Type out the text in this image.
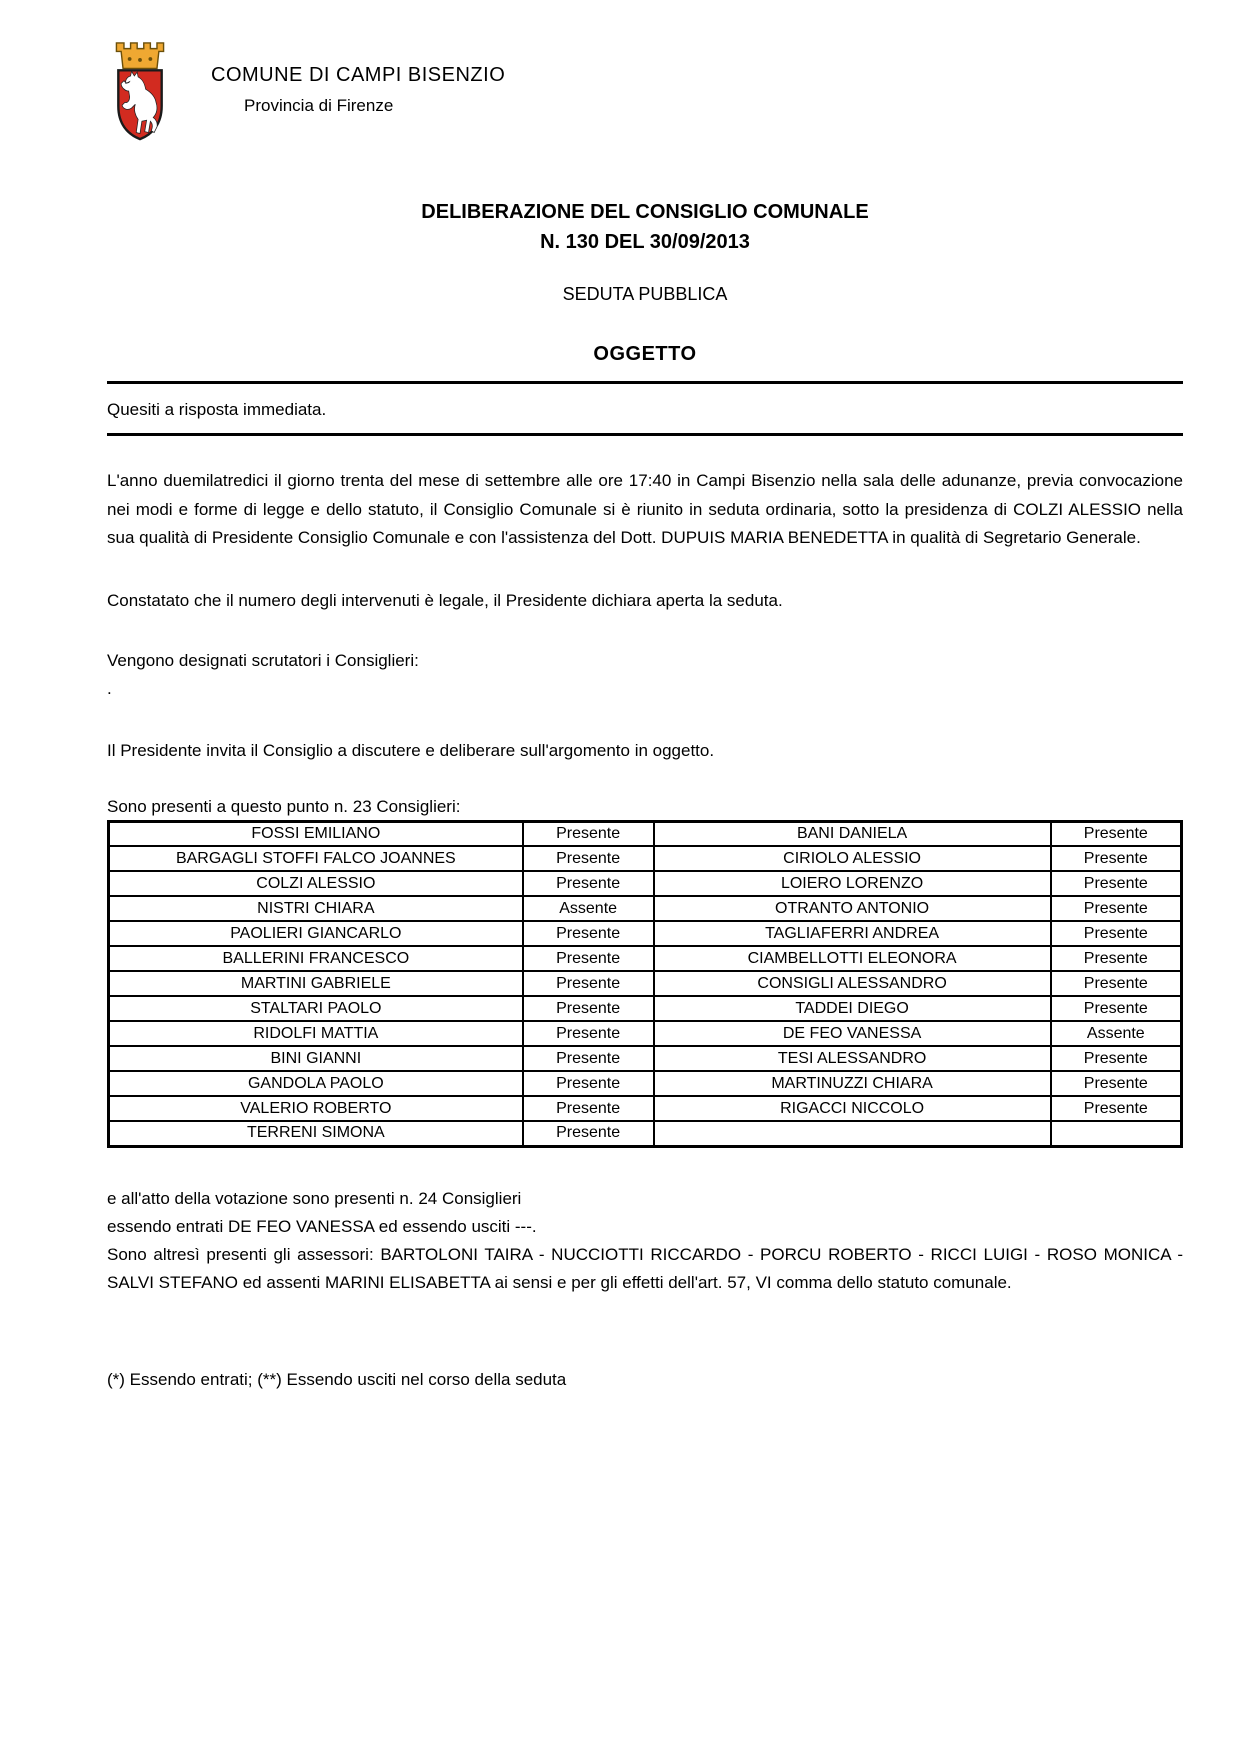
COMUNE DI CAMPI BISENZIO
Provincia di Firenze
DELIBERAZIONE DEL CONSIGLIO COMUNALE
N. 130 DEL 30/09/2013
SEDUTA PUBBLICA
OGGETTO
Quesiti a risposta immediata.
L'anno duemilatredici il giorno trenta del mese di settembre alle ore 17:40 in Campi Bisenzio nella sala delle adunanze, previa convocazione nei modi e forme di legge e dello statuto, il Consiglio Comunale si è riunito in seduta ordinaria, sotto la presidenza di COLZI ALESSIO nella sua qualità di Presidente Consiglio Comunale e con l'assistenza del Dott. DUPUIS MARIA BENEDETTA in qualità di Segretario Generale.
Constatato che il numero degli intervenuti è legale, il Presidente dichiara aperta la seduta.
Vengono designati scrutatori i Consiglieri:
.
Il Presidente invita il Consiglio a discutere e deliberare sull'argomento in oggetto.
Sono presenti a questo punto n. 23 Consiglieri:
FOSSI EMILIANO	Presente	BANI DANIELA	Presente
BARGAGLI STOFFI FALCO JOANNES	Presente	CIRIOLO ALESSIO	Presente
COLZI ALESSIO	Presente	LOIERO LORENZO	Presente
NISTRI CHIARA	Assente	OTRANTO ANTONIO	Presente
PAOLIERI GIANCARLO	Presente	TAGLIAFERRI ANDREA	Presente
BALLERINI FRANCESCO	Presente	CIAMBELLOTTI ELEONORA	Presente
MARTINI GABRIELE	Presente	CONSIGLI ALESSANDRO	Presente
STALTARI PAOLO	Presente	TADDEI DIEGO	Presente
RIDOLFI MATTIA	Presente	DE FEO VANESSA	Assente
BINI GIANNI	Presente	TESI ALESSANDRO	Presente
GANDOLA PAOLO	Presente	MARTINUZZI CHIARA	Presente
VALERIO ROBERTO	Presente	RIGACCI NICCOLO	Presente
TERRENI SIMONA	Presente		
e all'atto della votazione sono presenti n. 24 Consiglieri
essendo entrati DE FEO VANESSA ed essendo usciti ---.
Sono altresì presenti gli assessori: BARTOLONI TAIRA - NUCCIOTTI RICCARDO - PORCU ROBERTO - RICCI LUIGI - ROSO MONICA - SALVI STEFANO ed assenti MARINI ELISABETTA ai sensi e per gli effetti dell'art. 57, VI comma dello statuto comunale.
(*) Essendo entrati; (**) Essendo usciti nel corso della seduta
